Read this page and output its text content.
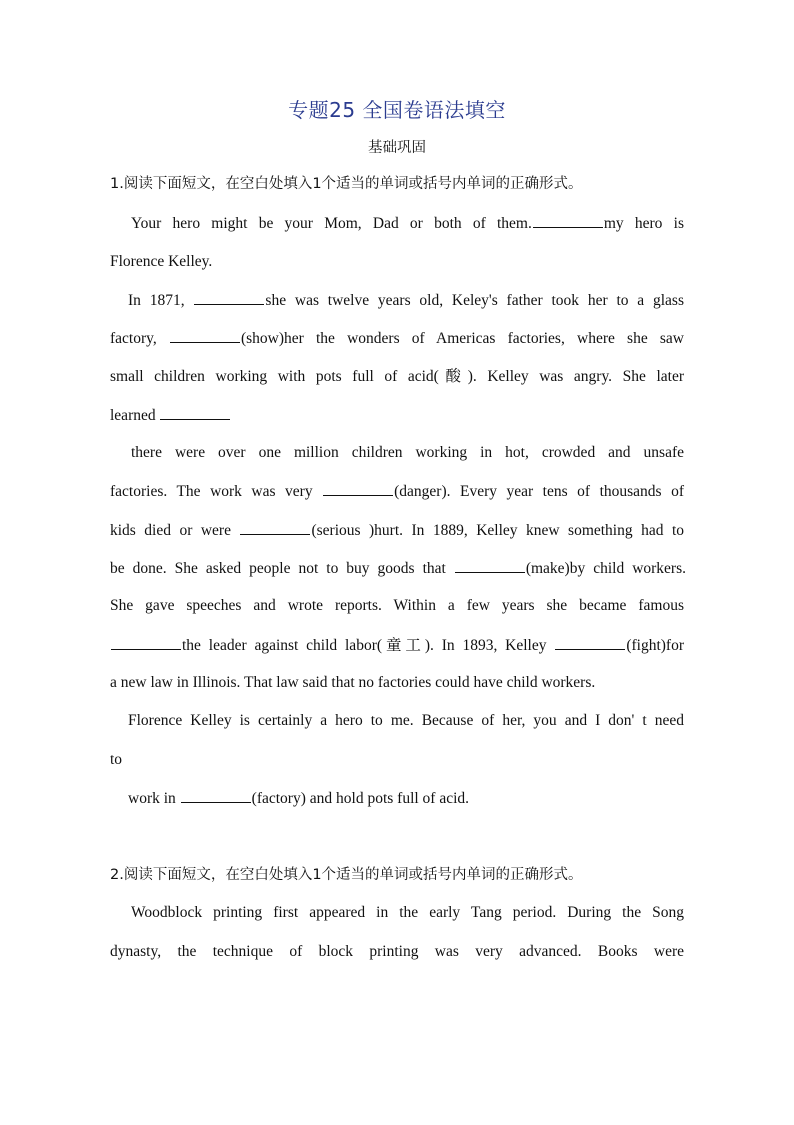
专题25 全国卷语法填空
基础巩固
1.阅读下面短文，在空白处填入1个适当的单词或括号内单词的正确形式。
Your hero might be your Mom, Dad or both of them.	my hero is
Florence Kelley.
In 1871,	she was twelve years old, Keley's father took her to a glass
factory,	(show)her the wonders of Americas factories, where she saw
small children working with pots full of acid(酸). Kelley was angry. She later
learned
there were over one million children working in hot, crowded and unsafe
factories. The work was very	(danger). Every year tens of thousands of
kids died or were	(serious )hurt. In 1889, Kelley knew something had to
be done. She asked people not to buy goods that	(make)by child workers.
She gave speeches and wrote reports. Within a few years she became famous
the leader against child labor(童工). In 1893, Kelley	(fight)for
a new law in Illinois. That law said that no factories could have child workers.
Florence Kelley is certainly a hero to me. Because of her, you and I don' t need
to
work in	(factory) and hold pots full of acid.
2.阅读下面短文，在空白处填入1个适当的单词或括号内单词的正确形式。
Woodblock printing first appeared in the early Tang period. During the Song
dynasty, the technique of block printing was very advanced. Books were
